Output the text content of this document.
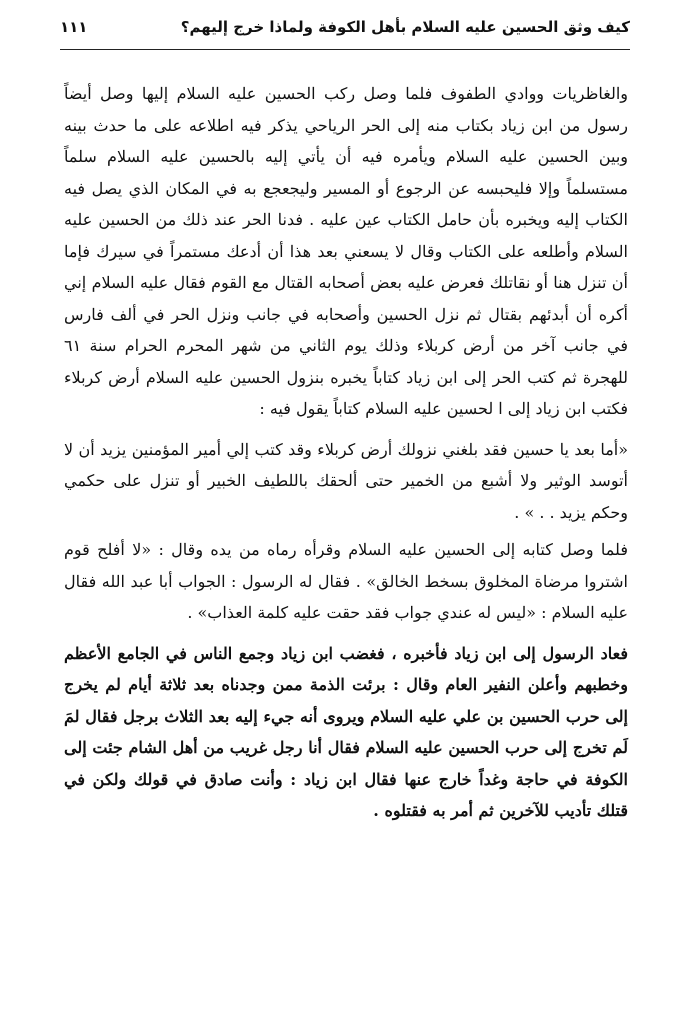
كيف وثق الحسين عليه السلام بأهل الكوفة ولماذا خرج إليهم؟
١١١

والغاظريات ووادي الطفوف فلما وصل ركب الحسين عليه السلام إليها وصل أيضاً رسول من ابن زياد بكتاب منه إلى الحر الرياحي يذكر فيه اطلاعه على ما حدث بينه وبين الحسين عليه السلام ويأمره فيه أن يأتي إليه بالحسين عليه السلام سلماً مستسلماً وإلا فليحبسه عن الرجوع أو المسير وليجعجع به في المكان الذي يصل فيه الكتاب إليه ويخبره بأن حامل الكتاب عين عليه . فدنا الحر عند ذلك من الحسين عليه السلام وأطلعه على الكتاب وقال لا يسعني بعد هذا أن أدعك مستمراً في سيرك فإما أن تنزل هنا أو نقاتلك فعرض عليه بعض أصحابه القتال مع القوم فقال عليه السلام إني أكره أن أبدئهم بقتال ثم نزل الحسين وأصحابه في جانب ونزل الحر في ألف فارس في جانب آخر من أرض كربلاء وذلك يوم الثاني من شهر المحرم الحرام سنة ٦١ للهجرة ثم كتب الحر إلى ابن زياد كتاباً يخبره بنزول الحسين عليه السلام أرض كربلاء فكتب ابن زياد إلى ا لحسين عليه السلام كتاباً يقول فيه :

«أما بعد يا حسين فقد بلغني نزولك أرض كربلاء وقد كتب إلي أمير المؤمنين يزيد أن لا أتوسد الوثير ولا أشبع من الخمير حتى ألحقك باللطيف الخبير أو تنزل على حكمي وحكم يزيد . . » .

فلما وصل كتابه إلى الحسين عليه السلام وقرأه رماه من يده وقال : «لا أفلح قوم اشتروا مرضاة المخلوق بسخط الخالق» . فقال له الرسول : الجواب أبا عبد الله فقال عليه السلام : «ليس له عندي جواب فقد حقت عليه كلمة العذاب» .

فعاد الرسول إلى ابن زياد فأخبره ، فغضب ابن زياد وجمع الناس في الجامع الأعظم وخطبهم وأعلن النفير العام وقال : برئت الذمة ممن وجدناه بعد ثلاثة أيام لم يخرج إلى حرب الحسين بن علي عليه السلام ويروى أنه جيء إليه بعد الثلاث برجل فقال لمَ لَم تخرج إلى حرب الحسين عليه السلام فقال أنا رجل غريب من أهل الشام جئت إلى الكوفة في حاجة وغداً خارج عنها فقال ابن زياد : وأنت صادق في قولك ولكن في قتلك تأديب للآخرين ثم أمر به فقتلوه .
